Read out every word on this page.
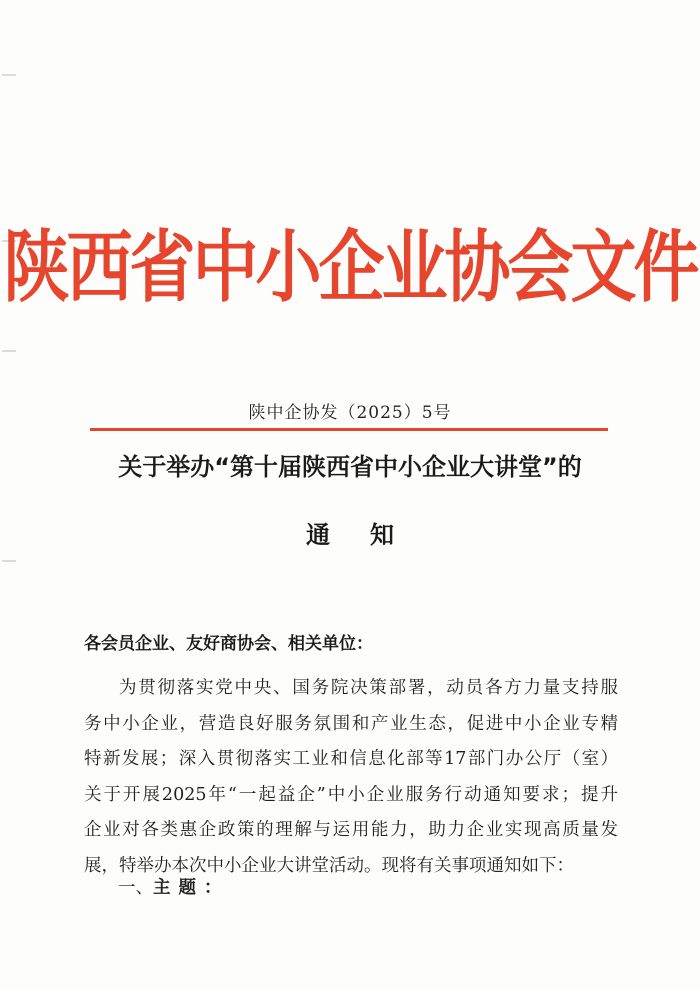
陕西省中小企业协会文件
陕中企协发（2025）5号
关于举办“第十届陕西省中小企业大讲堂”的
通知
各会员企业、友好商协会、相关单位：
为贯彻落实党中央、国务院决策部署，动员各方力量支持服
务中小企业，营造良好服务氛围和产业生态，促进中小企业专精
特新发展；深入贯彻落实工业和信息化部等17部门办公厅（室）
关于开展2025年“一起益企”中小企业服务行动通知要求；提升
企业对各类惠企政策的理解与运用能力，助力企业实现高质量发
展，特举办本次中小企业大讲堂活动。现将有关事项通知如下：
一、主题：
